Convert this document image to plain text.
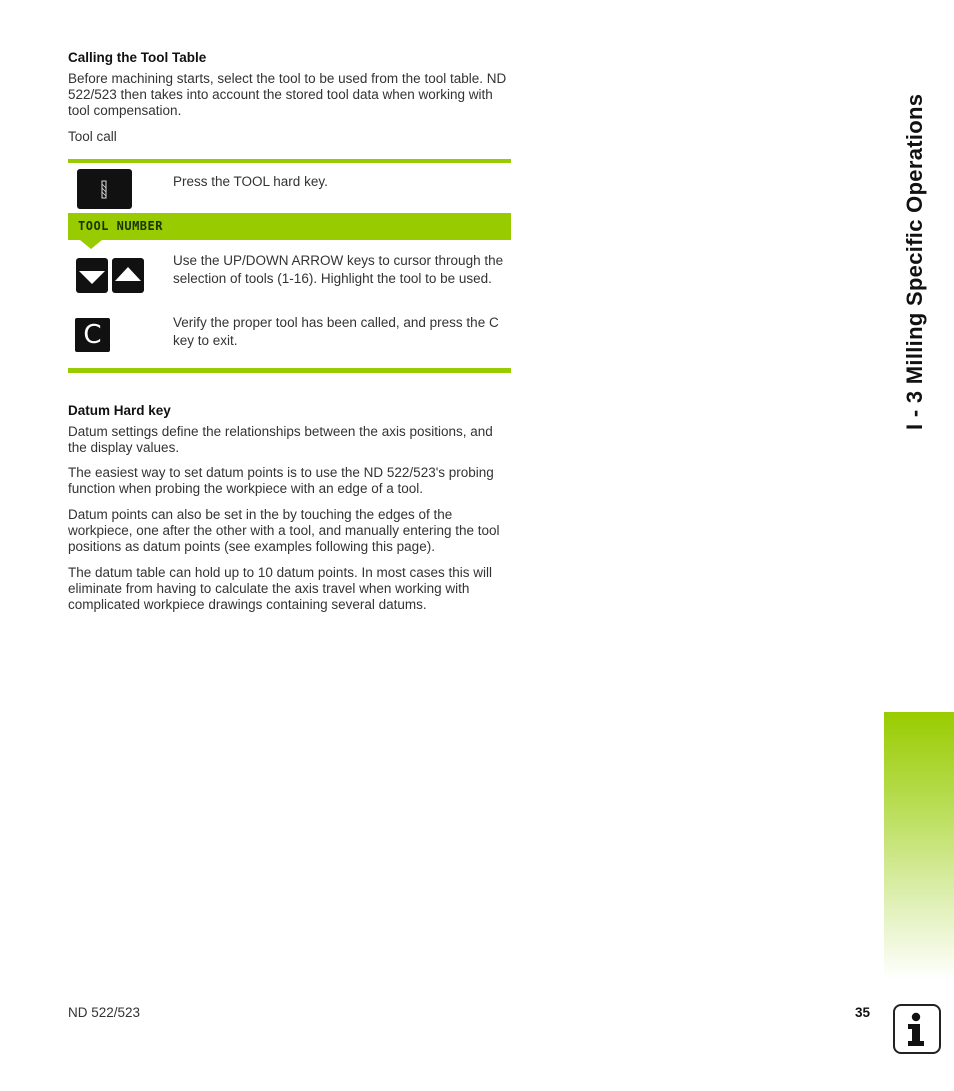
Calling the Tool Table
Before machining starts, select the tool to be used from the tool table. ND 522/523 then takes into account the stored tool data when working with tool compensation.
Tool call
Press the TOOL hard key.
TOOL NUMBER
Use the UP/DOWN ARROW keys to cursor through the selection of tools (1-16). Highlight the tool to be used.
C	Verify the proper tool has been called, and press the C key to exit.
Datum Hard key
Datum settings define the relationships between the axis positions, and the display values.
The easiest way to set datum points is to use the ND 522/523's probing function when probing the workpiece with an edge of a tool.
Datum points can also be set in the by touching the edges of the workpiece, one after the other with a tool, and manually entering the tool positions as datum points (see examples following this page).
The datum table can hold up to 10 datum points. In most cases this will eliminate from having to calculate the axis travel when working with complicated workpiece drawings containing several datums.
I - 3 Milling Specific Operations
ND 522/523	35
